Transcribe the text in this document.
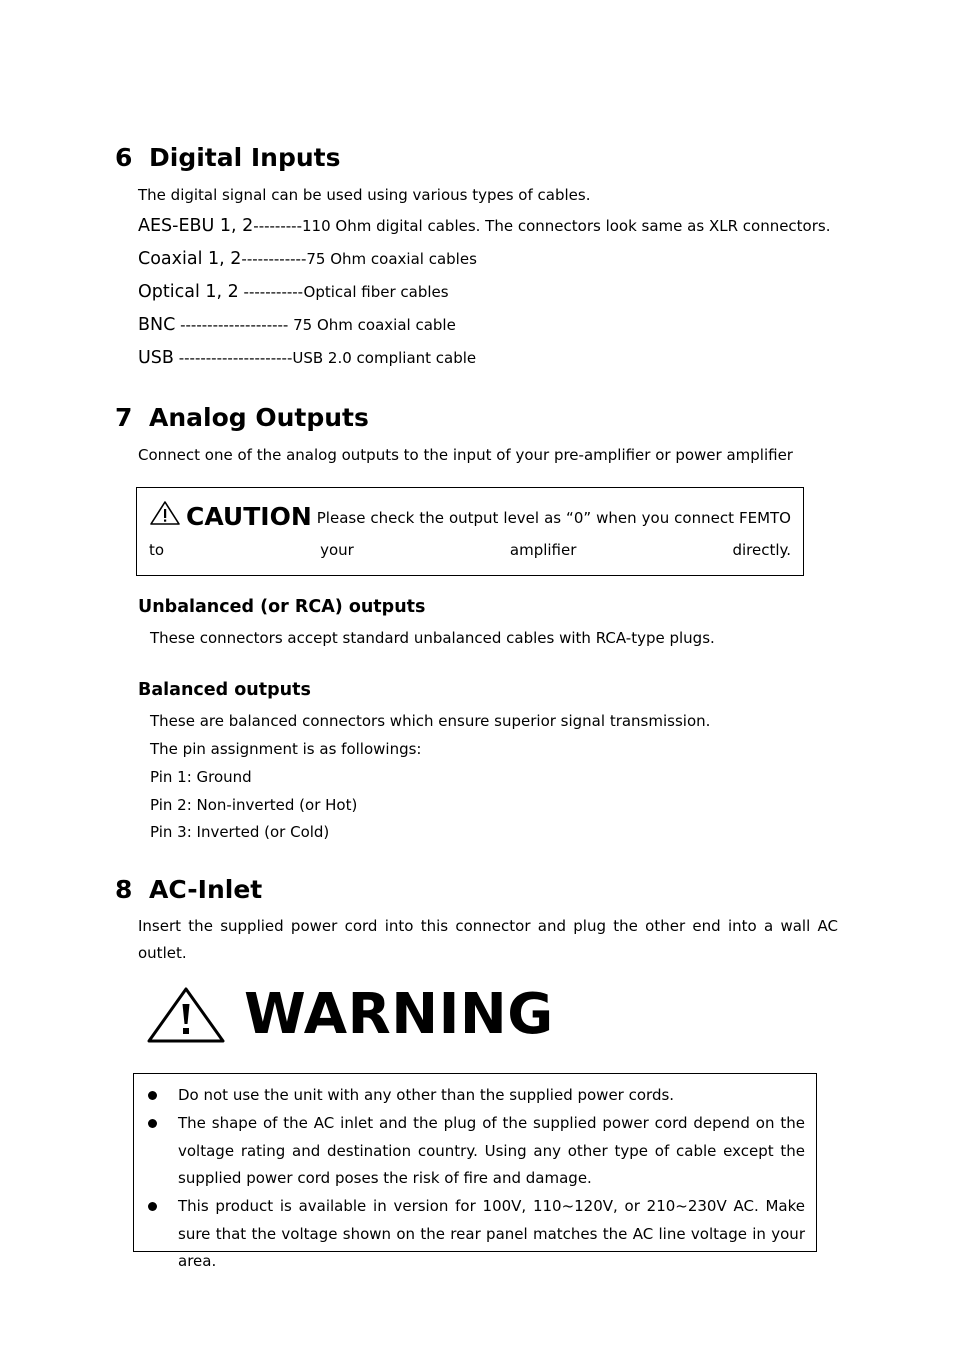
6 Digital Inputs
The digital signal can be used using various types of cables.
AES-EBU 1, 2---------110 Ohm digital cables. The connectors look same as XLR connectors.
Coaxial 1, 2------------75 Ohm coaxial cables
Optical 1, 2 -----------Optical fiber cables
BNC -------------------- 75 Ohm coaxial cable
USB ---------------------USB 2.0 compliant cable
7 Analog Outputs
Connect one of the analog outputs to the input of your pre-amplifier or power amplifier
CAUTION Please check the output level as “0” when you connect FEMTO to your amplifier directly.
Unbalanced (or RCA) outputs
These connectors accept standard unbalanced cables with RCA-type plugs.
Balanced outputs
These are balanced connectors which ensure superior signal transmission.
The pin assignment is as followings:
Pin 1: Ground
Pin 2: Non-inverted (or Hot)
Pin 3: Inverted (or Cold)
8 AC-Inlet
Insert the supplied power cord into this connector and plug the other end into a wall AC outlet.
WARNING
Do not use the unit with any other than the supplied power cords.
The shape of the AC inlet and the plug of the supplied power cord depend on the voltage rating and destination country. Using any other type of cable except the supplied power cord poses the risk of fire and damage.
This product is available in version for 100V, 110~120V, or 210~230V AC. Make sure that the voltage shown on the rear panel matches the AC line voltage in your area.
